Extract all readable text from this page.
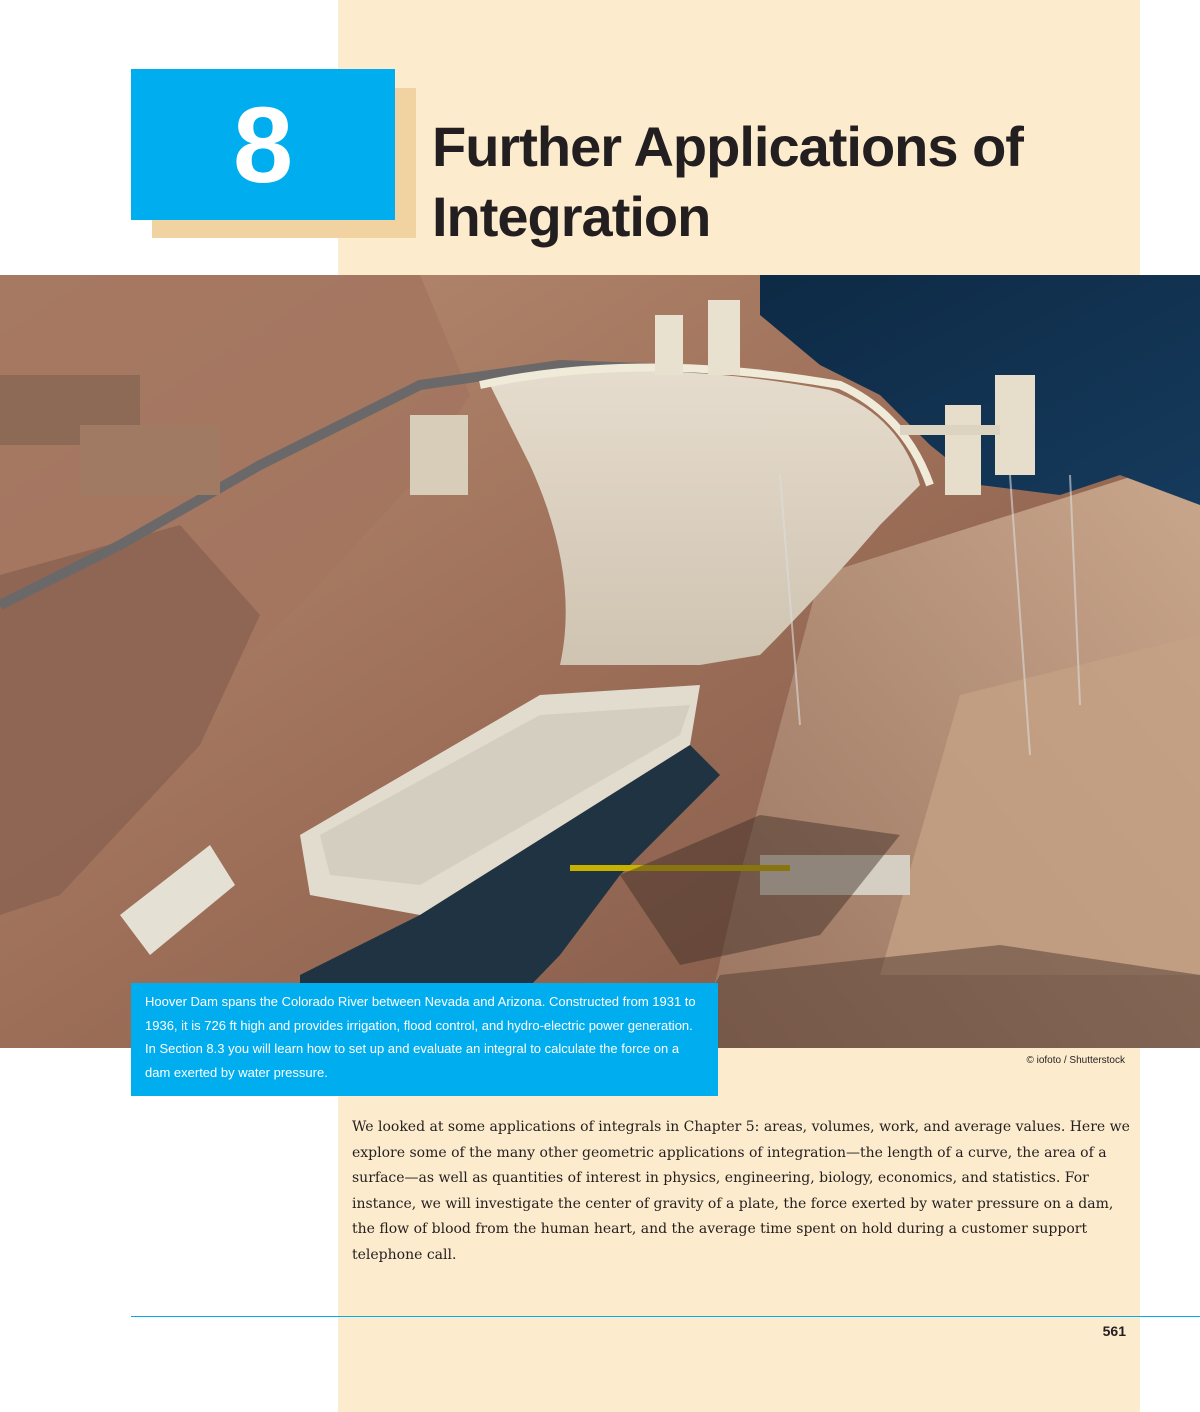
8 Further Applications of
Integration

Hoover Dam spans the Colorado River between Nevada and Arizona. Constructed from 1931 to 1936, it is 726 ft high and provides irrigation, flood control, and hydro-electric power generation. In Section 8.3 you will learn how to set up and evaluate an integral to calculate the force on a dam exerted by water pressure.

© iofoto / Shutterstock

We looked at some applications of integrals in Chapter 5: areas, volumes, work, and average values. Here we explore some of the many other geometric applications of integration—the length of a curve, the area of a surface—as well as quantities of interest in physics, engineering, biology, economics, and statistics. For instance, we will investigate the center of gravity of a plate, the force exerted by water pressure on a dam, the flow of blood from the human heart, and the average time spent on hold during a customer support telephone call.

561
